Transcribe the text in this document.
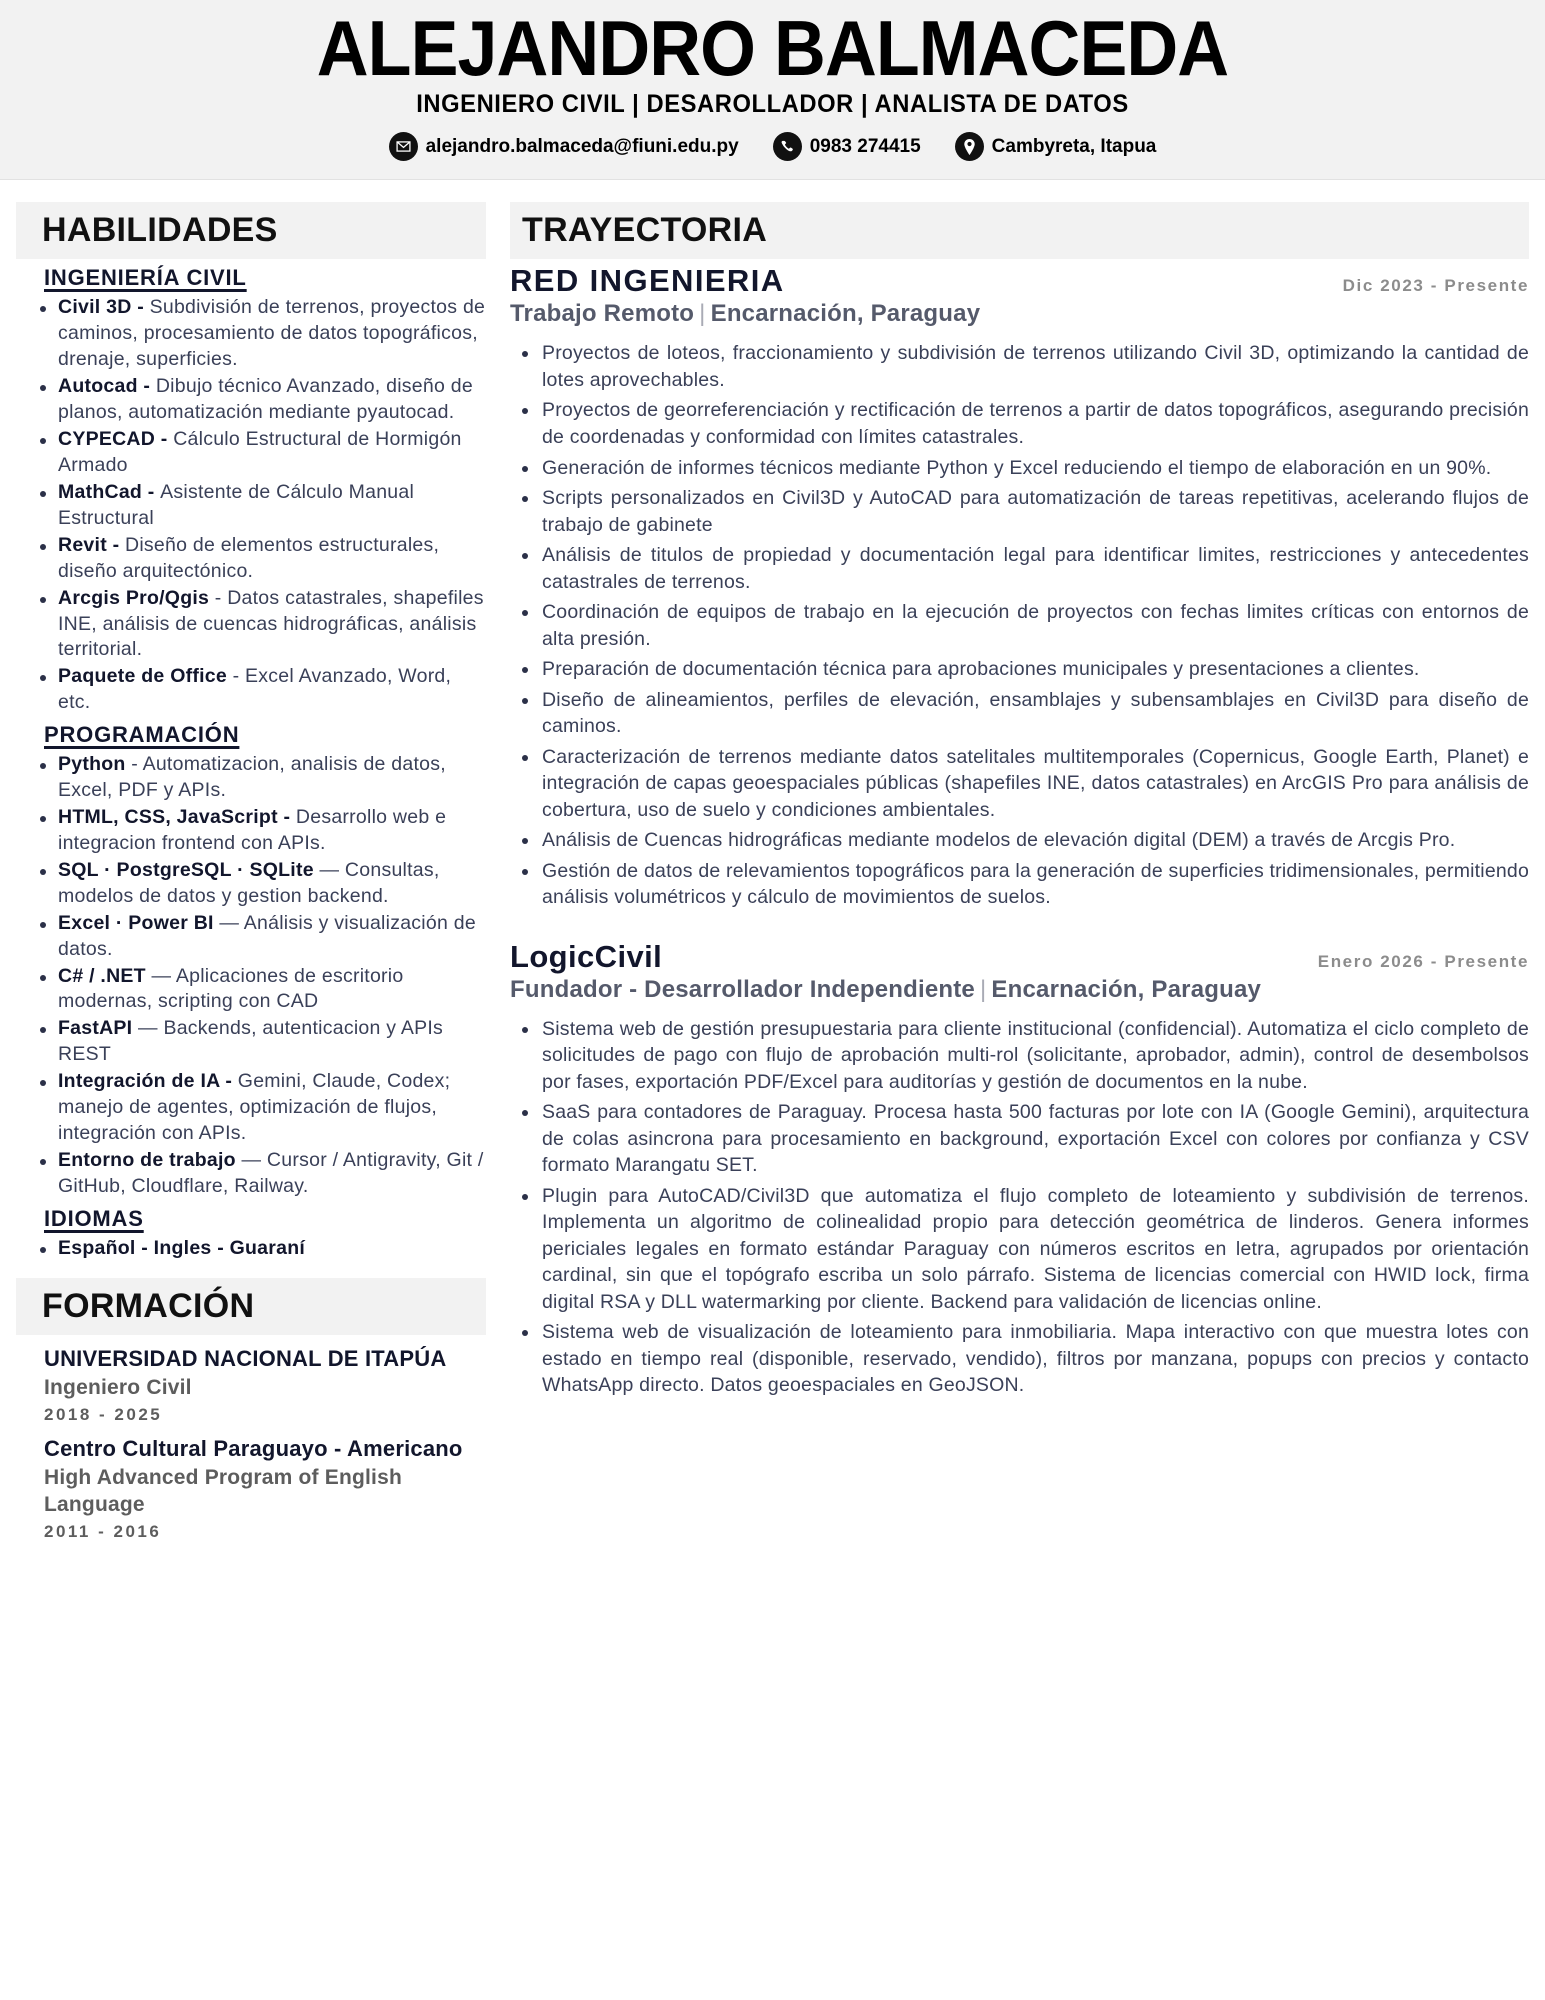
ALEJANDRO BALMACEDA
INGENIERO CIVIL | DESAROLLADOR | ANALISTA DE DATOS
alejandro.balmaceda@fiuni.edu.py	0983 274415	Cambyreta, Itapua
HABILIDADES
INGENIERÍA CIVIL
Civil 3D - Subdivisión de terrenos, proyectos de caminos, procesamiento de datos topográficos, drenaje, superficies.
Autocad - Dibujo técnico Avanzado, diseño de planos, automatización mediante pyautocad.
CYPECAD - Cálculo Estructural de Hormigón Armado
MathCad - Asistente de Cálculo Manual Estructural
Revit - Diseño de elementos estructurales, diseño arquitectónico.
Arcgis Pro/Qgis - Datos catastrales, shapefiles INE, análisis de cuencas hidrográficas, análisis territorial.
Paquete de Office - Excel Avanzado, Word, etc.
PROGRAMACIÓN
Python - Automatizacion, analisis de datos, Excel, PDF y APIs.
HTML, CSS, JavaScript - Desarrollo web e integracion frontend con APIs.
SQL · PostgreSQL · SQLite — Consultas, modelos de datos y gestion backend.
Excel · Power BI — Análisis y visualización de datos.
C# / .NET — Aplicaciones de escritorio modernas, scripting con CAD
FastAPI — Backends, autenticacion y APIs REST
Integración de IA - Gemini, Claude, Codex; manejo de agentes, optimización de flujos, integración con APIs.
Entorno de trabajo — Cursor / Antigravity, Git / GitHub, Cloudflare, Railway.
IDIOMAS
Español - Ingles - Guaraní
FORMACIÓN
UNIVERSIDAD NACIONAL DE ITAPÚA
Ingeniero Civil
2018 - 2025
Centro Cultural Paraguayo - Americano
High Advanced Program of English Language
2011 - 2016
TRAYECTORIA
RED INGENIERIA	Dic 2023 - Presente
Trabajo Remoto | Encarnación, Paraguay
Proyectos de loteos, fraccionamiento y subdivisión de terrenos utilizando Civil 3D, optimizando la cantidad de lotes aprovechables.
Proyectos de georreferenciación y rectificación de terrenos a partir de datos topográficos, asegurando precisión de coordenadas y conformidad con límites catastrales.
Generación de informes técnicos mediante Python y Excel reduciendo el tiempo de elaboración en un 90%.
Scripts personalizados en Civil3D y AutoCAD para automatización de tareas repetitivas, acelerando flujos de trabajo de gabinete
Análisis de titulos de propiedad y documentación legal para identificar limites, restricciones y antecedentes catastrales de terrenos.
Coordinación de equipos de trabajo en la ejecución de proyectos con fechas limites críticas con entornos de alta presión.
Preparación de documentación técnica para aprobaciones municipales y presentaciones a clientes.
Diseño de alineamientos, perfiles de elevación, ensamblajes y subensamblajes en Civil3D para diseño de caminos.
Caracterización de terrenos mediante datos satelitales multitemporales (Copernicus, Google Earth, Planet) e integración de capas geoespaciales públicas (shapefiles INE, datos catastrales) en ArcGIS Pro para análisis de cobertura, uso de suelo y condiciones ambientales.
Análisis de Cuencas hidrográficas mediante modelos de elevación digital (DEM) a través de Arcgis Pro.
Gestión de datos de relevamientos topográficos para la generación de superficies tridimensionales, permitiendo análisis volumétricos y cálculo de movimientos de suelos.
LogicCivil	Enero 2026 - Presente
Fundador - Desarrollador Independiente | Encarnación, Paraguay
Sistema web de gestión presupuestaria para cliente institucional (confidencial). Automatiza el ciclo completo de solicitudes de pago con flujo de aprobación multi-rol (solicitante, aprobador, admin), control de desembolsos por fases, exportación PDF/Excel para auditorías y gestión de documentos en la nube.
SaaS para contadores de Paraguay. Procesa hasta 500 facturas por lote con IA (Google Gemini), arquitectura de colas asincrona para procesamiento en background, exportación Excel con colores por confianza y CSV formato Marangatu SET.
Plugin para AutoCAD/Civil3D que automatiza el flujo completo de loteamiento y subdivisión de terrenos. Implementa un algoritmo de colinealidad propio para detección geométrica de linderos. Genera informes periciales legales en formato estándar Paraguay con números escritos en letra, agrupados por orientación cardinal, sin que el topógrafo escriba un solo párrafo. Sistema de licencias comercial con HWID lock, firma digital RSA y DLL watermarking por cliente. Backend para validación de licencias online.
Sistema web de visualización de loteamiento para inmobiliaria. Mapa interactivo con que muestra lotes con estado en tiempo real (disponible, reservado, vendido), filtros por manzana, popups con precios y contacto WhatsApp directo. Datos geoespaciales en GeoJSON.
